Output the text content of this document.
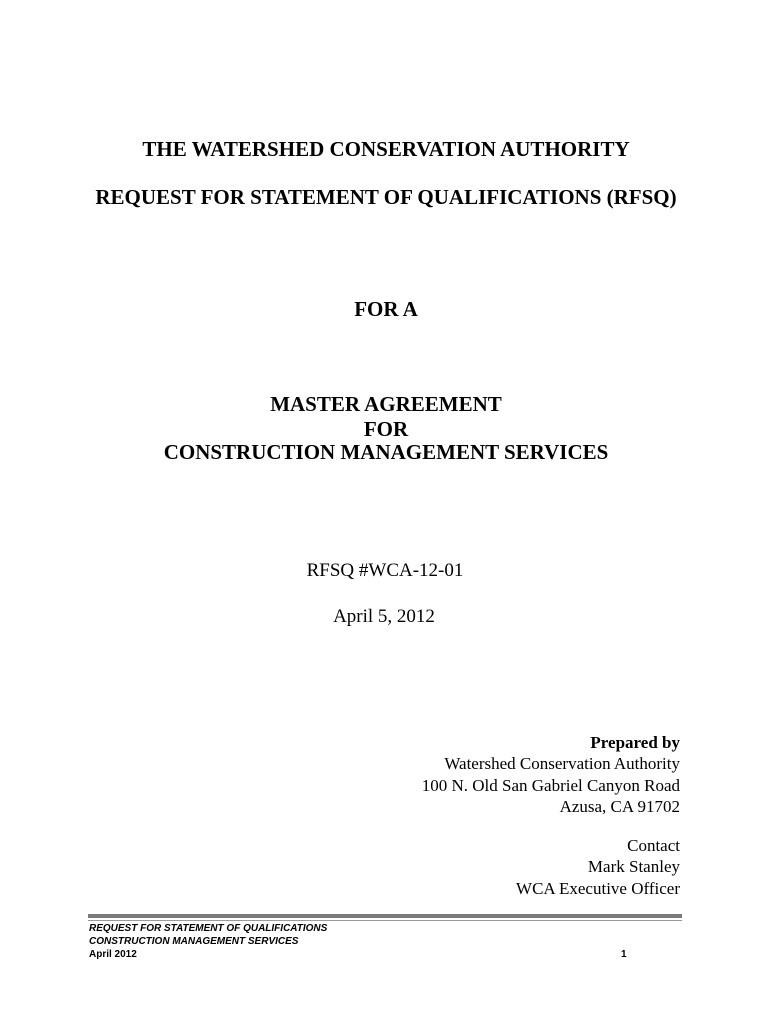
THE WATERSHED CONSERVATION AUTHORITY
REQUEST FOR STATEMENT OF QUALIFICATIONS (RFSQ)
FOR A
MASTER AGREEMENT
FOR
CONSTRUCTION MANAGEMENT SERVICES
RFSQ #WCA-12-01
April 5, 2012
Prepared by
Watershed Conservation Authority
100 N. Old San Gabriel Canyon Road
Azusa, CA 91702
Contact
Mark Stanley
WCA Executive Officer
REQUEST FOR STATEMENT OF QUALIFICATIONS
CONSTRUCTION MANAGEMENT SERVICES
April 2012	1
